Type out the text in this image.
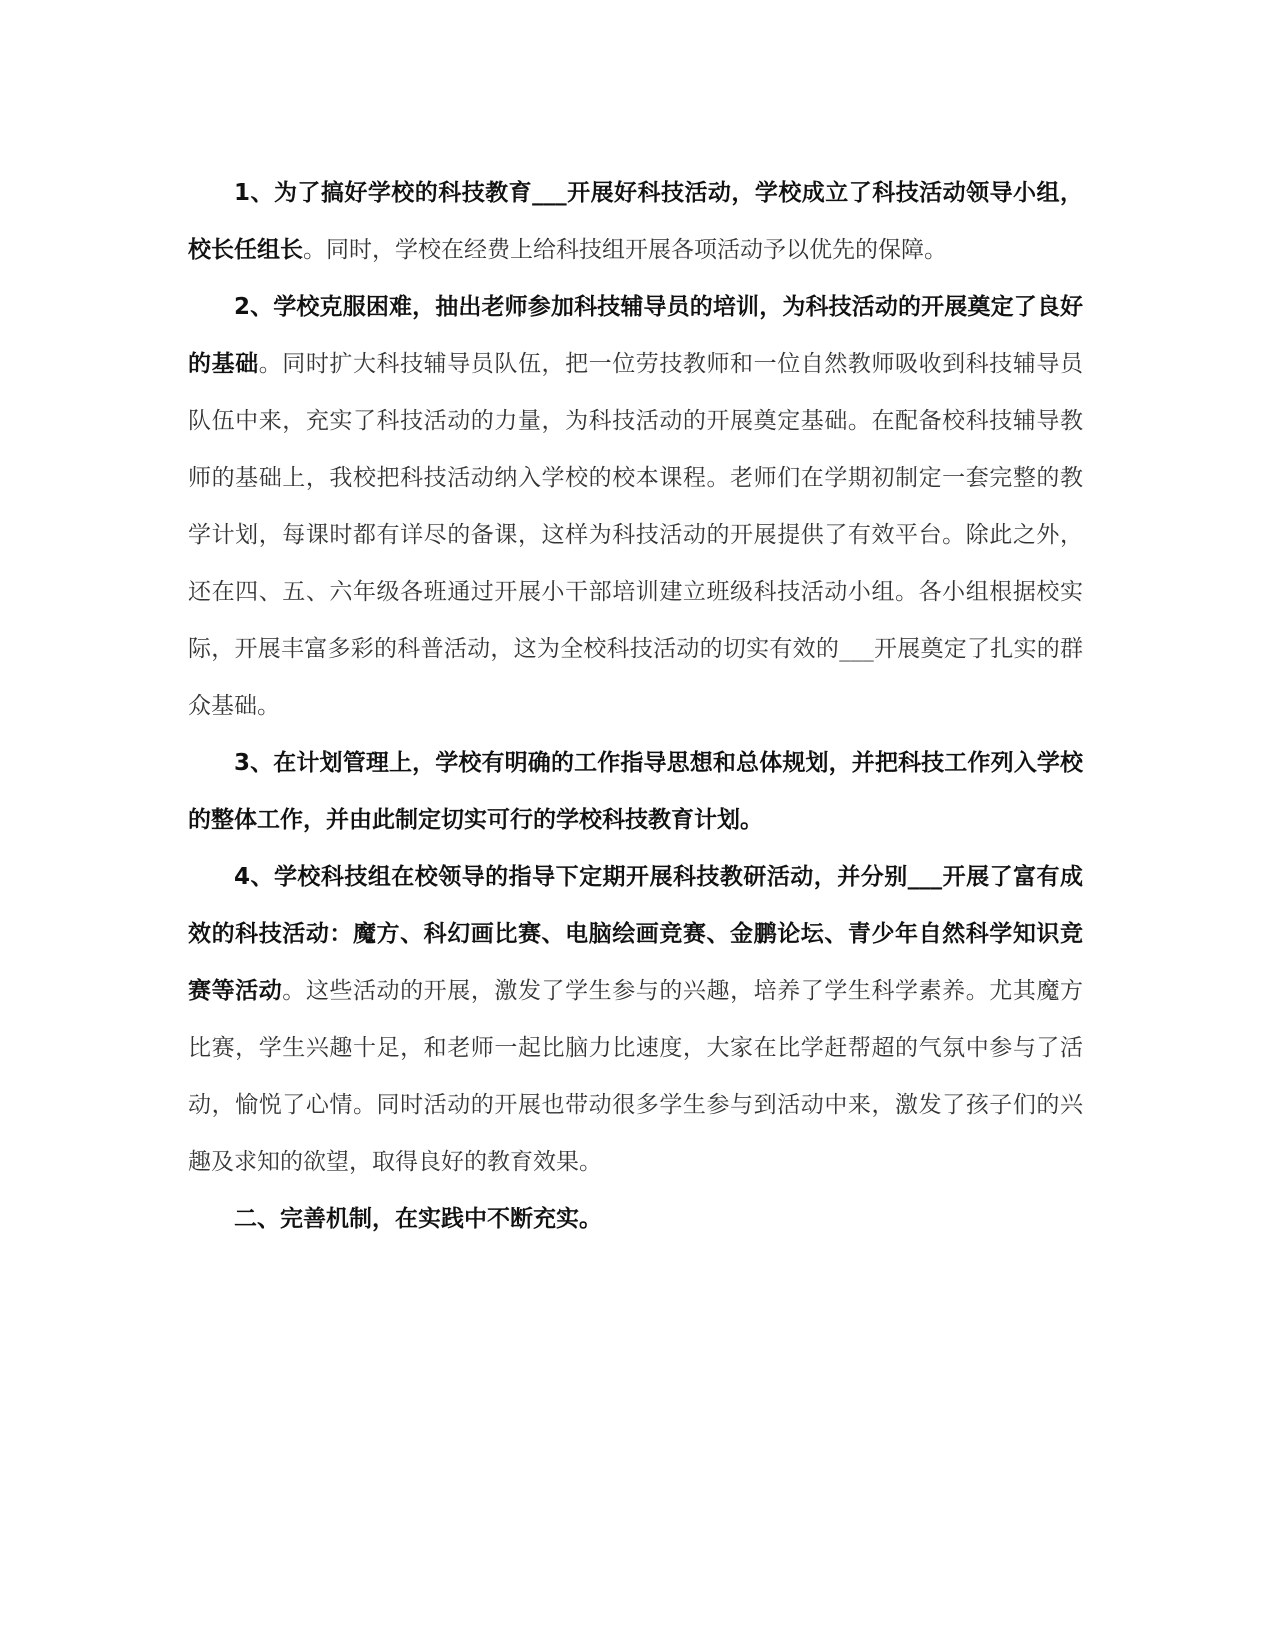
1、为了搞好学校的科技教育___开展好科技活动，学校成立了科技活动领导小组，校长任组长。同时，学校在经费上给科技组开展各项活动予以优先的保障。

2、学校克服困难，抽出老师参加科技辅导员的培训，为科技活动的开展奠定了良好的基础。同时扩大科技辅导员队伍，把一位劳技教师和一位自然教师吸收到科技辅导员队伍中来，充实了科技活动的力量，为科技活动的开展奠定基础。在配备校科技辅导教师的基础上，我校把科技活动纳入学校的校本课程。老师们在学期初制定一套完整的教学计划，每课时都有详尽的备课，这样为科技活动的开展提供了有效平台。除此之外，还在四、五、六年级各班通过开展小干部培训建立班级科技活动小组。各小组根据校实际，开展丰富多彩的科普活动，这为全校科技活动的切实有效的___开展奠定了扎实的群众基础。

3、在计划管理上，学校有明确的工作指导思想和总体规划，并把科技工作列入学校的整体工作，并由此制定切实可行的学校科技教育计划。

4、学校科技组在校领导的指导下定期开展科技教研活动，并分别___开展了富有成效的科技活动：魔方、科幻画比赛、电脑绘画竞赛、金鹏论坛、青少年自然科学知识竞赛等活动。这些活动的开展，激发了学生参与的兴趣，培养了学生科学素养。尤其魔方比赛，学生兴趣十足，和老师一起比脑力比速度，大家在比学赶帮超的气氛中参与了活动，愉悦了心情。同时活动的开展也带动很多学生参与到活动中来，激发了孩子们的兴趣及求知的欲望，取得良好的教育效果。

二、完善机制，在实践中不断充实。
